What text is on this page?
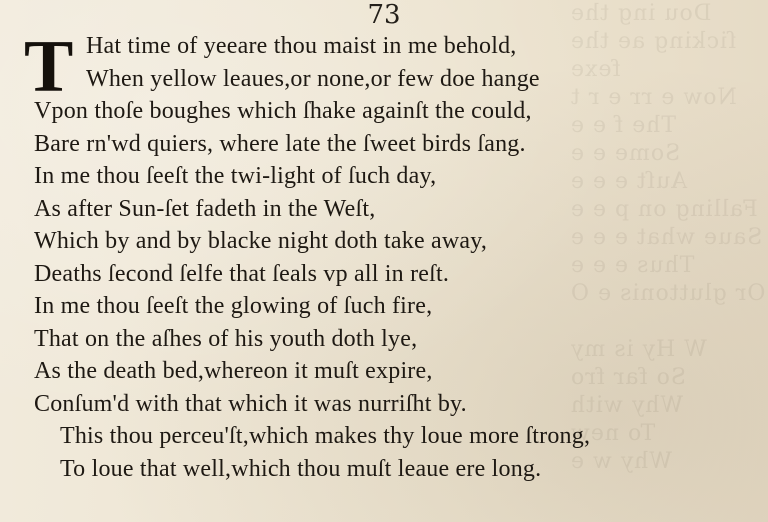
Dou ing the ſicking ae the fexe
Now e rr e r t
The f e e
Some e e
Auſt e e e
Falling on p e e
Saue what e e e
Thus e e e
Or gluttonis e O

W Hy is my
So far fro
Why with
To new
Why w e
73
T Hat time of yeeare thou maist in me behold,
When yellow leaues,or none,or few doe hange
Vpon thoſe boughes which ſhake againſt the could,
Bare rn'wd quiers, where late the ſweet birds ſang.
In me thou ſeeſt the twi-light of ſuch day,
As after Sun-ſet fadeth in the Weſt,
Which by and by blacke night doth take away,
Deaths ſecond ſelfe that ſeals vp all in reſt.
In me thou ſeeſt the glowing of ſuch fire,
That on the aſhes of his youth doth lye,
As the death bed,whereon it muſt expire,
Conſum'd with that which it was nurriſht by.
This thou perceu'ſt,which makes thy loue more ſtrong,
To loue that well,which thou muſt leaue ere long.
